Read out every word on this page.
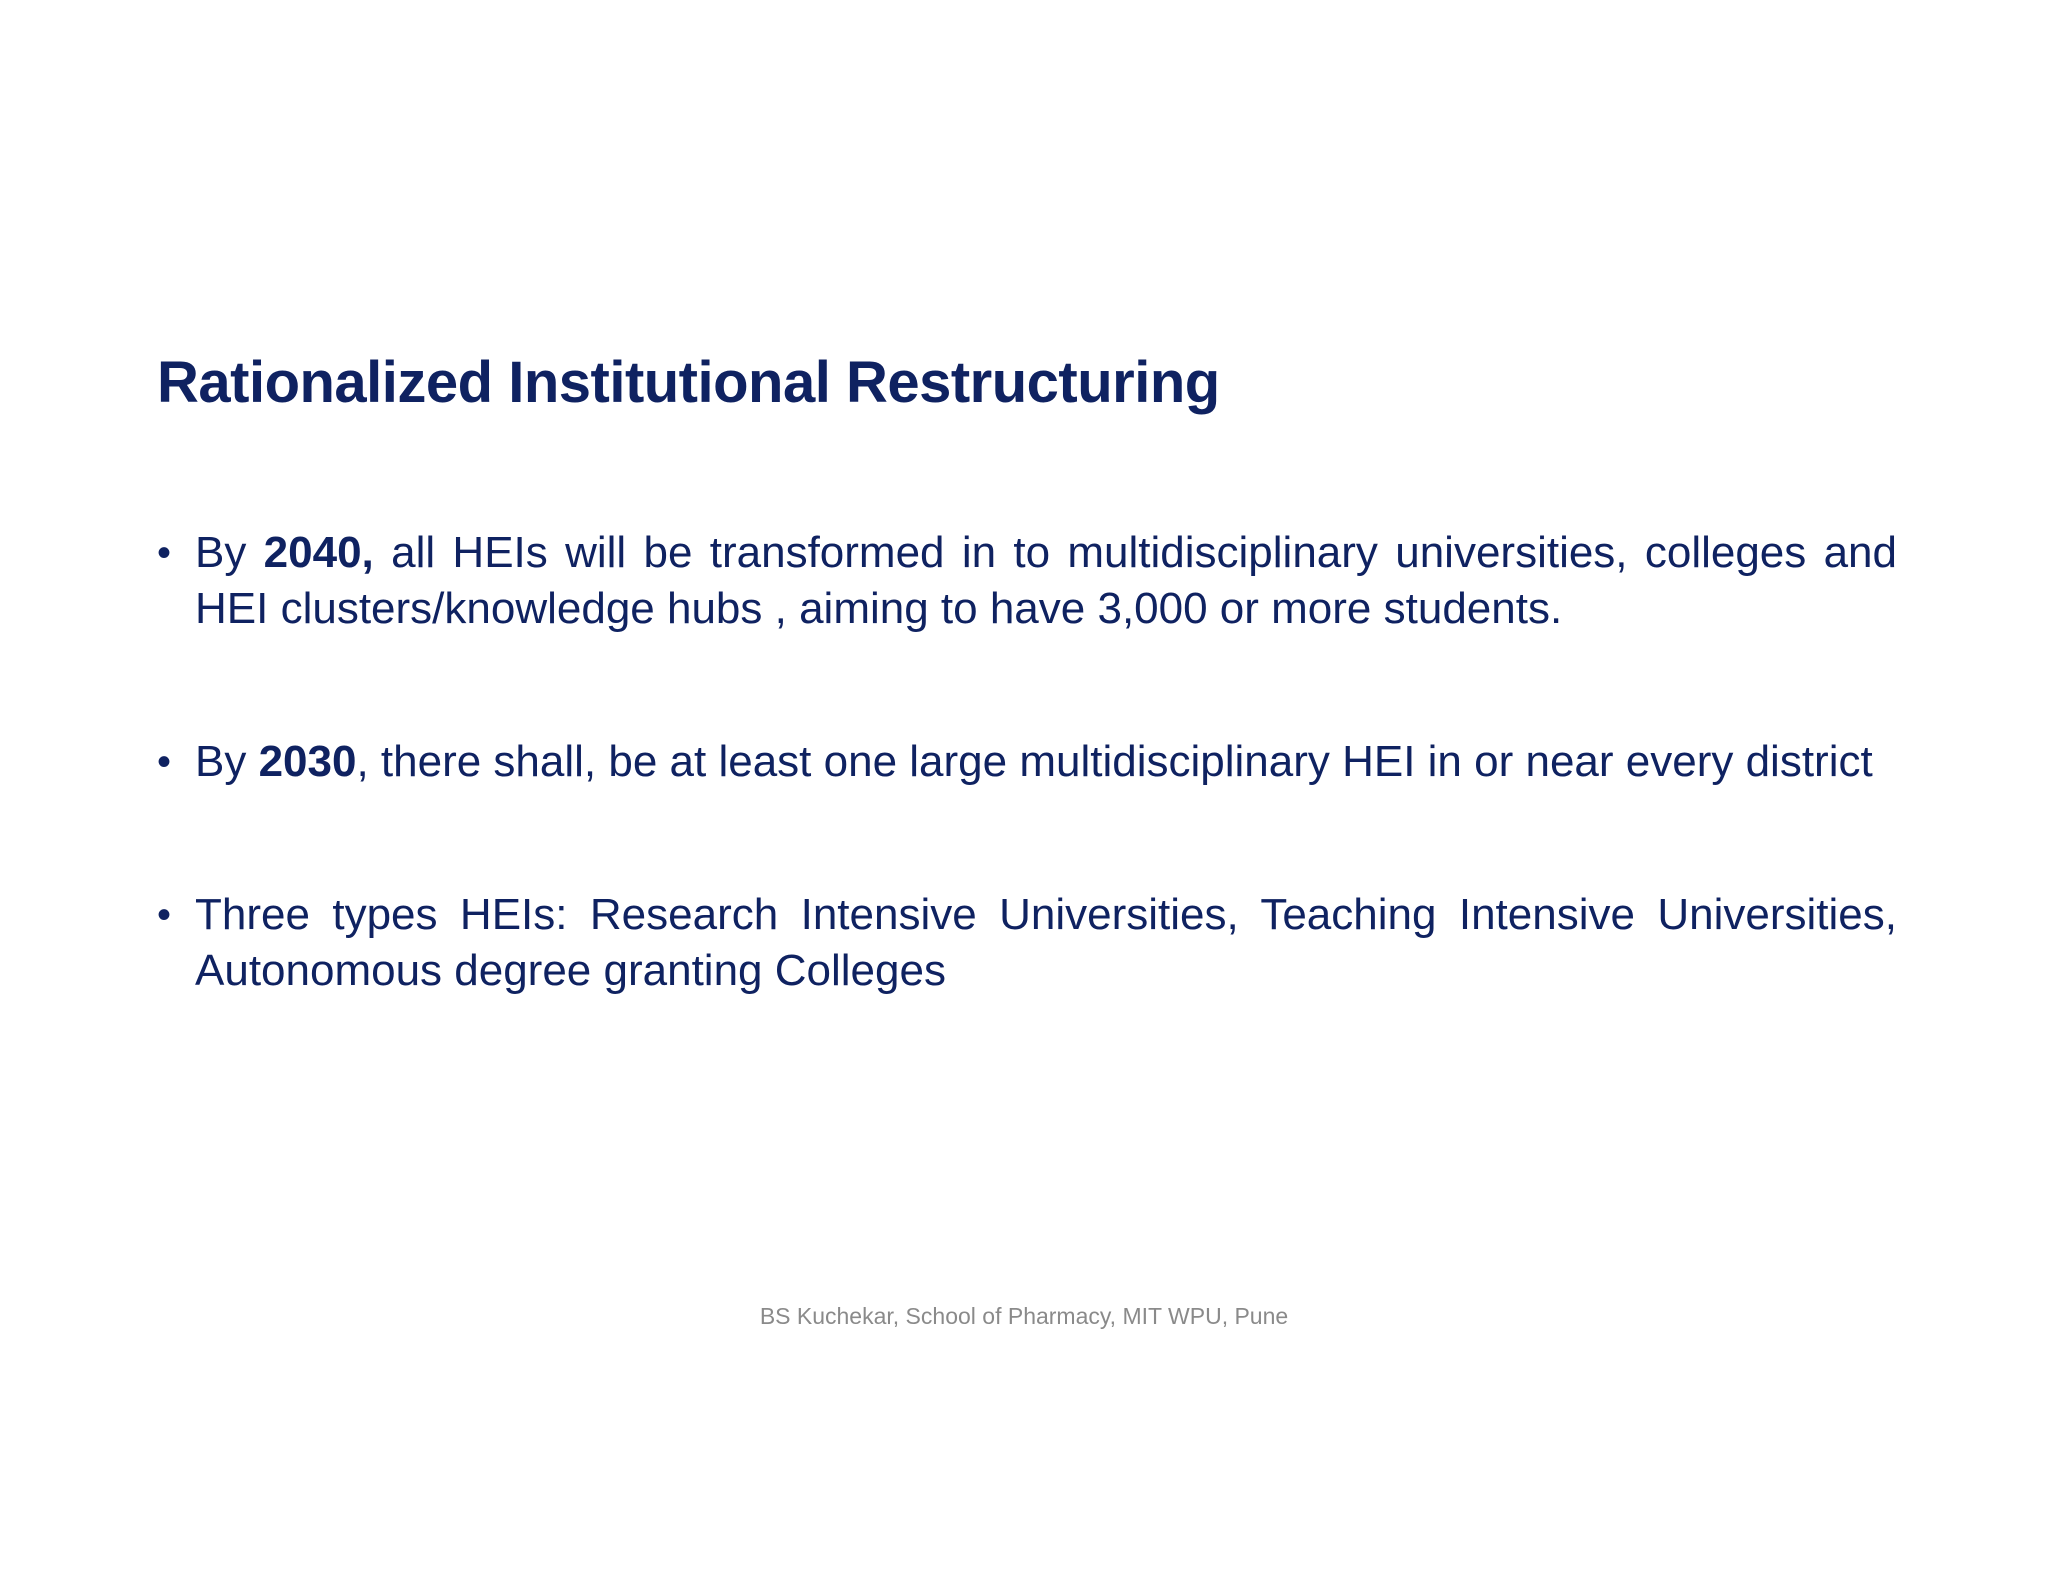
Rationalized Institutional Restructuring
• By 2040, all HEIs will be transformed in to multidisciplinary universities, colleges and HEI clusters/knowledge hubs , aiming to have 3,000 or more students.
• By 2030, there shall, be at least one large multidisciplinary HEI in or near every district
• Three types HEIs: Research Intensive Universities, Teaching Intensive Universities, Autonomous degree granting Colleges
BS Kuchekar, School of Pharmacy, MIT WPU, Pune
